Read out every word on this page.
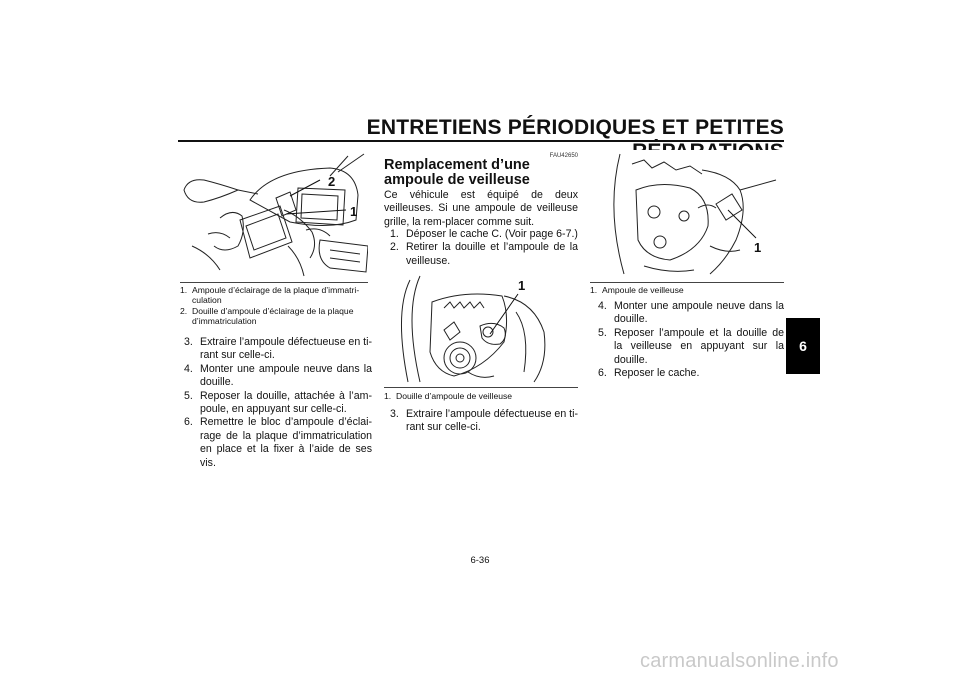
ENTRETIENS PÉRIODIQUES ET PETITES
6
2
1
1. Ampoule d’éclairage de la plaque d’immatri-culation
2. Douille d’ampoule d’éclairage de la plaque d’immatriculation
3. Extraire l’ampoule défectueuse en ti-rant sur celle-ci.
4. Monter une ampoule neuve dans la douille.
5. Reposer la douille, attachée à l’am-poule, en appuyant sur celle-ci.
6. Remettre le bloc d’ampoule d’éclai-rage de la plaque d’immatriculation en place et la fixer à l’aide de ses vis.
FAU42650
Remplacement d’une ampoule de veilleuse
Ce véhicule est équipé de deux veilleuses. Si une ampoule de veilleuse grille, la rem-placer comme suit.
1. Déposer le cache C. (Voir page 6-7.)
2. Retirer la douille et l’ampoule de la veilleuse.
1
1. Douille d’ampoule de veilleuse
3. Extraire l’ampoule défectueuse en ti-rant sur celle-ci.
1
1. Ampoule de veilleuse
4. Monter une ampoule neuve dans la douille.
5. Reposer l’ampoule et la douille de la veilleuse en appuyant sur la douille.
6. Reposer le cache.
6-36
carmanualsonline.info
